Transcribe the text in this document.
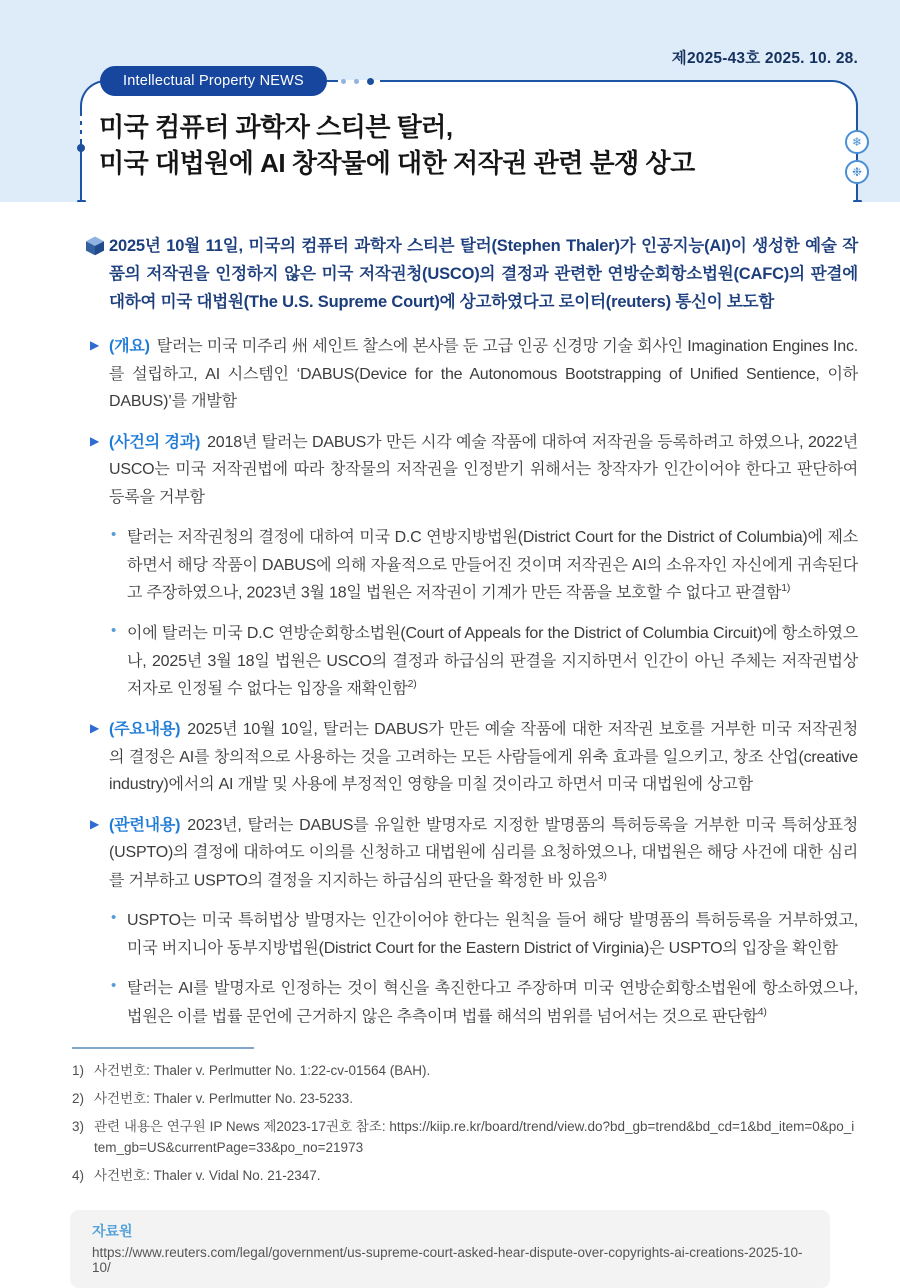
제2025-43호 2025. 10. 28.
Intellectual Property NEWS
❄
❉
미국 컴퓨터 과학자 스티븐 탈러,
미국 대법원에 AI 창작물에 대한 저작권 관련 분쟁 상고

2025년 10월 11일, 미국의 컴퓨터 과학자 스티븐 탈러(Stephen Thaler)가 인공지능(AI)이 생성한 예술 작품의 저작권을 인정하지 않은 미국 저작권청(USCO)의 결정과 관련한 연방순회항소법원(CAFC)의 판결에 대하여 미국 대법원(The U.S. Supreme Court)에 상고하였다고 로이터(reuters) 통신이 보도함

▶ (개요) 탈러는 미국 미주리 州 세인트 찰스에 본사를 둔 고급 인공 신경망 기술 회사인 Imagination Engines Inc.를 설립하고, AI 시스템인 ‘DABUS(Device for the Autonomous Bootstrapping of Unified Sentience, 이하 DABUS)’를 개발함

▶ (사건의 경과) 2018년 탈러는 DABUS가 만든 시각 예술 작품에 대하여 저작권을 등록하려고 하였으나, 2022년 USCO는 미국 저작권법에 따라 창작물의 저작권을 인정받기 위해서는 창작자가 인간이어야 한다고 판단하여 등록을 거부함

• 탈러는 저작권청의 결정에 대하여 미국 D.C 연방지방법원(District Court for the District of Columbia)에 제소하면서 해당 작품이 DABUS에 의해 자율적으로 만들어진 것이며 저작권은 AI의 소유자인 자신에게 귀속된다고 주장하였으나, 2023년 3월 18일 법원은 저작권이 기계가 만든 작품을 보호할 수 없다고 판결함$^{1)}$

• 이에 탈러는 미국 D.C 연방순회항소법원(Court of Appeals for the District of Columbia Circuit)에 항소하였으나, 2025년 3월 18일 법원은 USCO의 결정과 하급심의 판결을 지지하면서 인간이 아닌 주체는 저작권법상 저자로 인정될 수 없다는 입장을 재확인함$^{2)}$

▶ (주요내용) 2025년 10월 10일, 탈러는 DABUS가 만든 예술 작품에 대한 저작권 보호를 거부한 미국 저작권청의 결정은 AI를 창의적으로 사용하는 것을 고려하는 모든 사람들에게 위축 효과를 일으키고, 창조 산업(creative industry)에서의 AI 개발 및 사용에 부정적인 영향을 미칠 것이라고 하면서 미국 대법원에 상고함

▶ (관련내용) 2023년, 탈러는 DABUS를 유일한 발명자로 지정한 발명품의 특허등록을 거부한 미국 특허상표청(USPTO)의 결정에 대하여도 이의를 신청하고 대법원에 심리를 요청하였으나, 대법원은 해당 사건에 대한 심리를 거부하고 USPTO의 결정을 지지하는 하급심의 판단을 확정한 바 있음$^{3)}$

• USPTO는 미국 특허법상 발명자는 인간이어야 한다는 원칙을 들어 해당 발명품의 특허등록을 거부하였고, 미국 버지니아 동부지방법원(District Court for the Eastern District of Virginia)은 USPTO의 입장을 확인함

• 탈러는 AI를 발명자로 인정하는 것이 혁신을 촉진한다고 주장하며 미국 연방순회항소법원에 항소하였으나, 법원은 이를 법률 문언에 근거하지 않은 추측이며 법률 해석의 범위를 넘어서는 것으로 판단함$^{4)}$

1) 사건번호: Thaler v. Perlmutter No. 1:22-cv-01564 (BAH).

2) 사건번호: Thaler v. Perlmutter No. 23-5233.

3) 관련 내용은 연구원 IP News 제2023-17권호 참조: https://kiip.re.kr/board/trend/view.do?bd_gb=trend&bd_cd=1&bd_item=0&po_item_gb=US&currentPage=33&po_no=21973

4) 사건번호: Thaler v. Vidal No. 21-2347.

자료원
https://www.reuters.com/legal/government/us-supreme-court-asked-hear-dispute-over-copyrights-ai-creations-2025-10-10/
